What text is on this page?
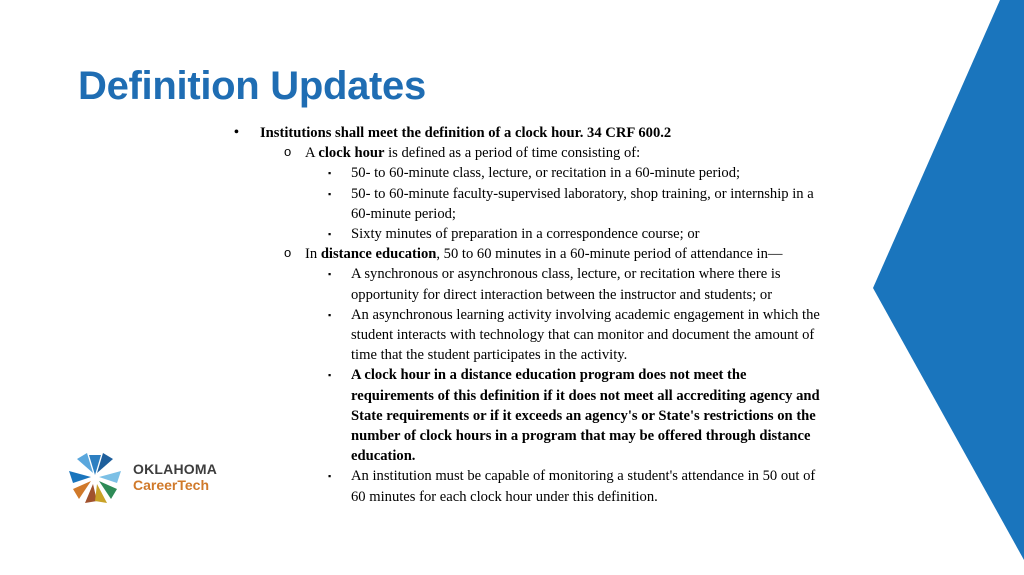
Definition Updates
• Institutions shall meet the definition of a clock hour. 34 CRF 600.2
o A clock hour is defined as a period of time consisting of:
▪ 50- to 60-minute class, lecture, or recitation in a 60-minute period;
▪ 50- to 60-minute faculty-supervised laboratory, shop training, or internship in a 60-minute period;
▪ Sixty minutes of preparation in a correspondence course; or
o In distance education, 50 to 60 minutes in a 60-minute period of attendance in—
▪ A synchronous or asynchronous class, lecture, or recitation where there is opportunity for direct interaction between the instructor and students; or
▪ An asynchronous learning activity involving academic engagement in which the student interacts with technology that can monitor and document the amount of time that the student participates in the activity.
▪ A clock hour in a distance education program does not meet the requirements of this definition if it does not meet all accrediting agency and State requirements or if it exceeds an agency's or State's restrictions on the number of clock hours in a program that may be offered through distance education.
▪ An institution must be capable of monitoring a student's attendance in 50 out of 60 minutes for each clock hour under this definition.
OKLAHOMA
CareerTech
